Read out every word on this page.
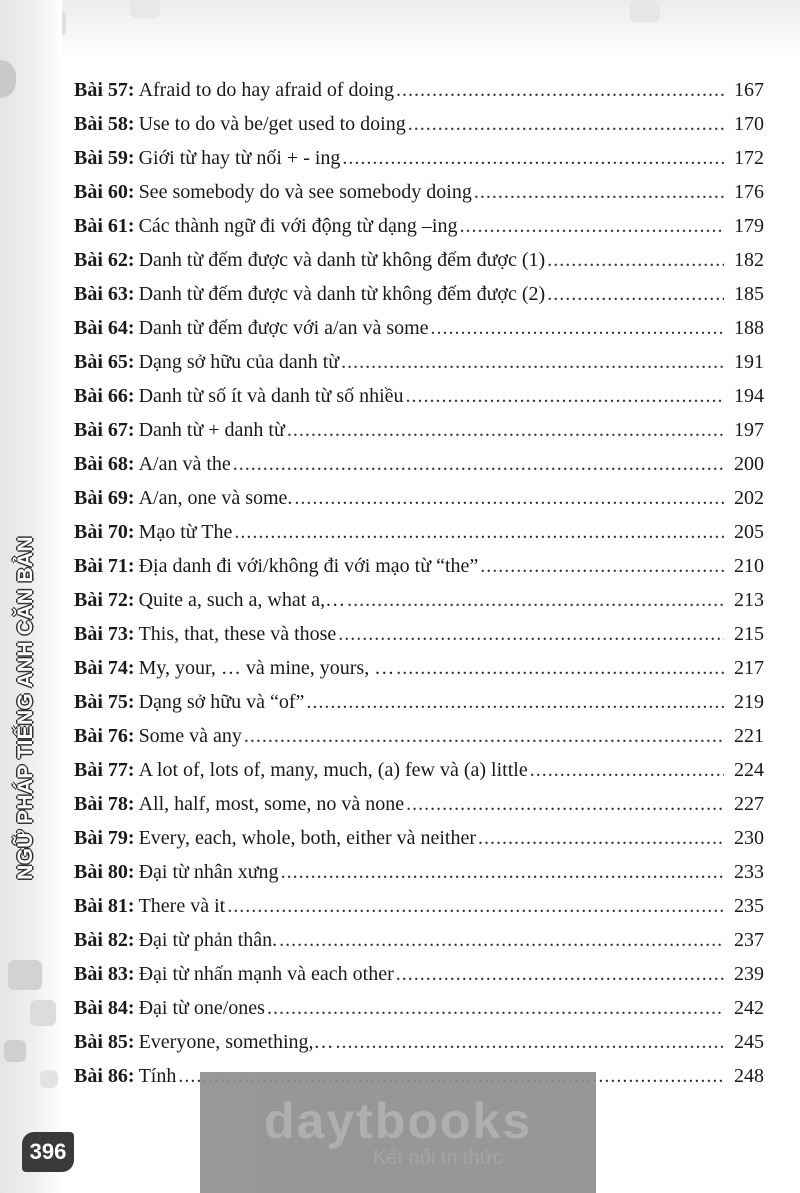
NGỮ PHÁP TIẾNG ANH CĂN BẢN
Bài 57: Afraid to do hay afraid of doing .....	167
Bài 58: Use to do và be/get used to doing .....	170
Bài 59: Giới từ hay từ nối + - ing .....	172
Bài 60: See somebody do và see somebody doing .....	176
Bài 61: Các thành ngữ đi với động từ dạng –ing .....	179
Bài 62: Danh từ đếm được và danh từ không đếm được (1) .....	182
Bài 63: Danh từ đếm được và danh từ không đếm được (2) .....	185
Bài 64: Danh từ đếm được với a/an và some .....	188
Bài 65: Dạng sở hữu của danh từ .....	191
Bài 66: Danh từ số ít và danh từ số nhiều .....	194
Bài 67: Danh từ + danh từ .....	197
Bài 68: A/an và the .....	200
Bài 69: A/an, one và some. .....	202
Bài 70: Mạo từ The .....	205
Bài 71: Địa danh đi với/không đi với mạo từ “the” .....	210
Bài 72: Quite a, such a, what a,… .....	213
Bài 73: This, that, these và those .....	215
Bài 74: My, your, … và mine, yours, … .....	217
Bài 75: Dạng sở hữu và “of” .....	219
Bài 76: Some và any .....	221
Bài 77: A lot of, lots of, many, much, (a) few và (a) little .....	224
Bài 78: All, half, most, some, no và none .....	227
Bài 79: Every, each, whole, both, either và neither .....	230
Bài 80: Đại từ nhân xưng .....	233
Bài 81: There và it .....	235
Bài 82: Đại từ phản thân. .....	237
Bài 83: Đại từ nhấn mạnh và each other .....	239
Bài 84: Đại từ one/ones .....	242
Bài 85: Everyone, something,… .....	245
Bài 86: Tính .....	248
daytbooks
Kết nối tri thức
396
